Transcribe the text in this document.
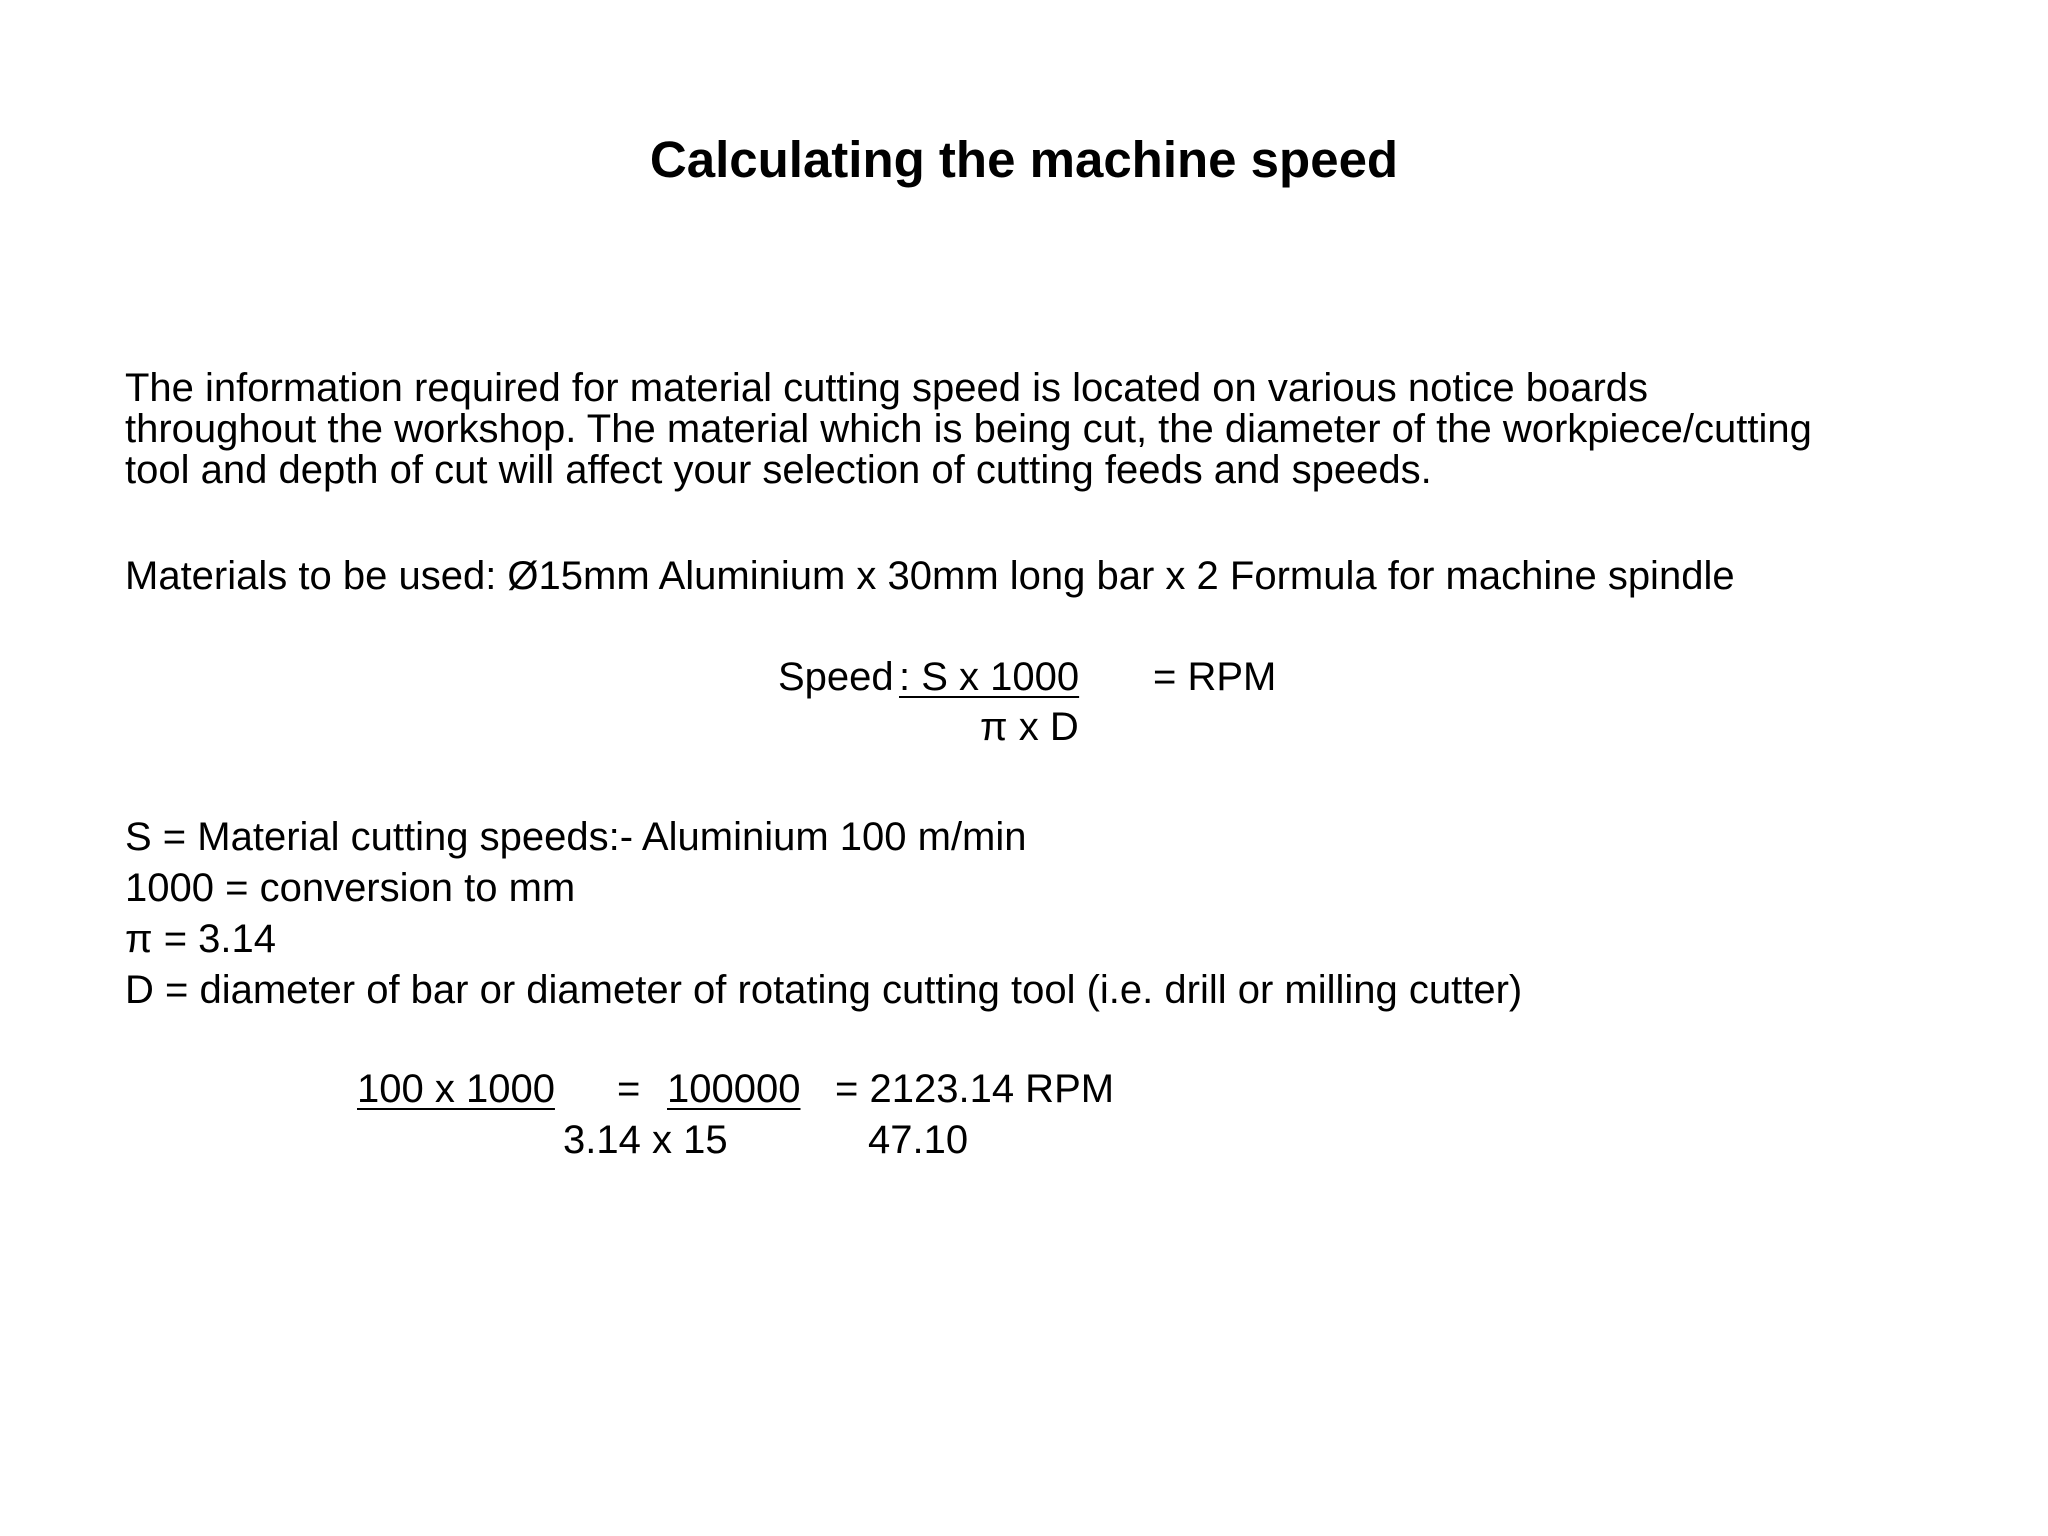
Calculating the machine speed
The information required for material cutting speed is located on various notice boards
throughout the workshop. The material which is being cut, the diameter of the workpiece/cutting
tool and depth of cut will affect your selection of cutting feeds and speeds.
Materials to be used: Ø15mm Aluminium x 30mm long bar x 2 Formula for machine spindle
Speed : S x 1000 = RPM
π x D
S = Material cutting speeds:- Aluminium 100 m/min
1000 = conversion to mm
π = 3.14
D = diameter of bar or diameter of rotating cutting tool (i.e. drill or milling cutter)
100 x 1000 = 100000 = 2123.14 RPM
3.14 x 15	47.10
